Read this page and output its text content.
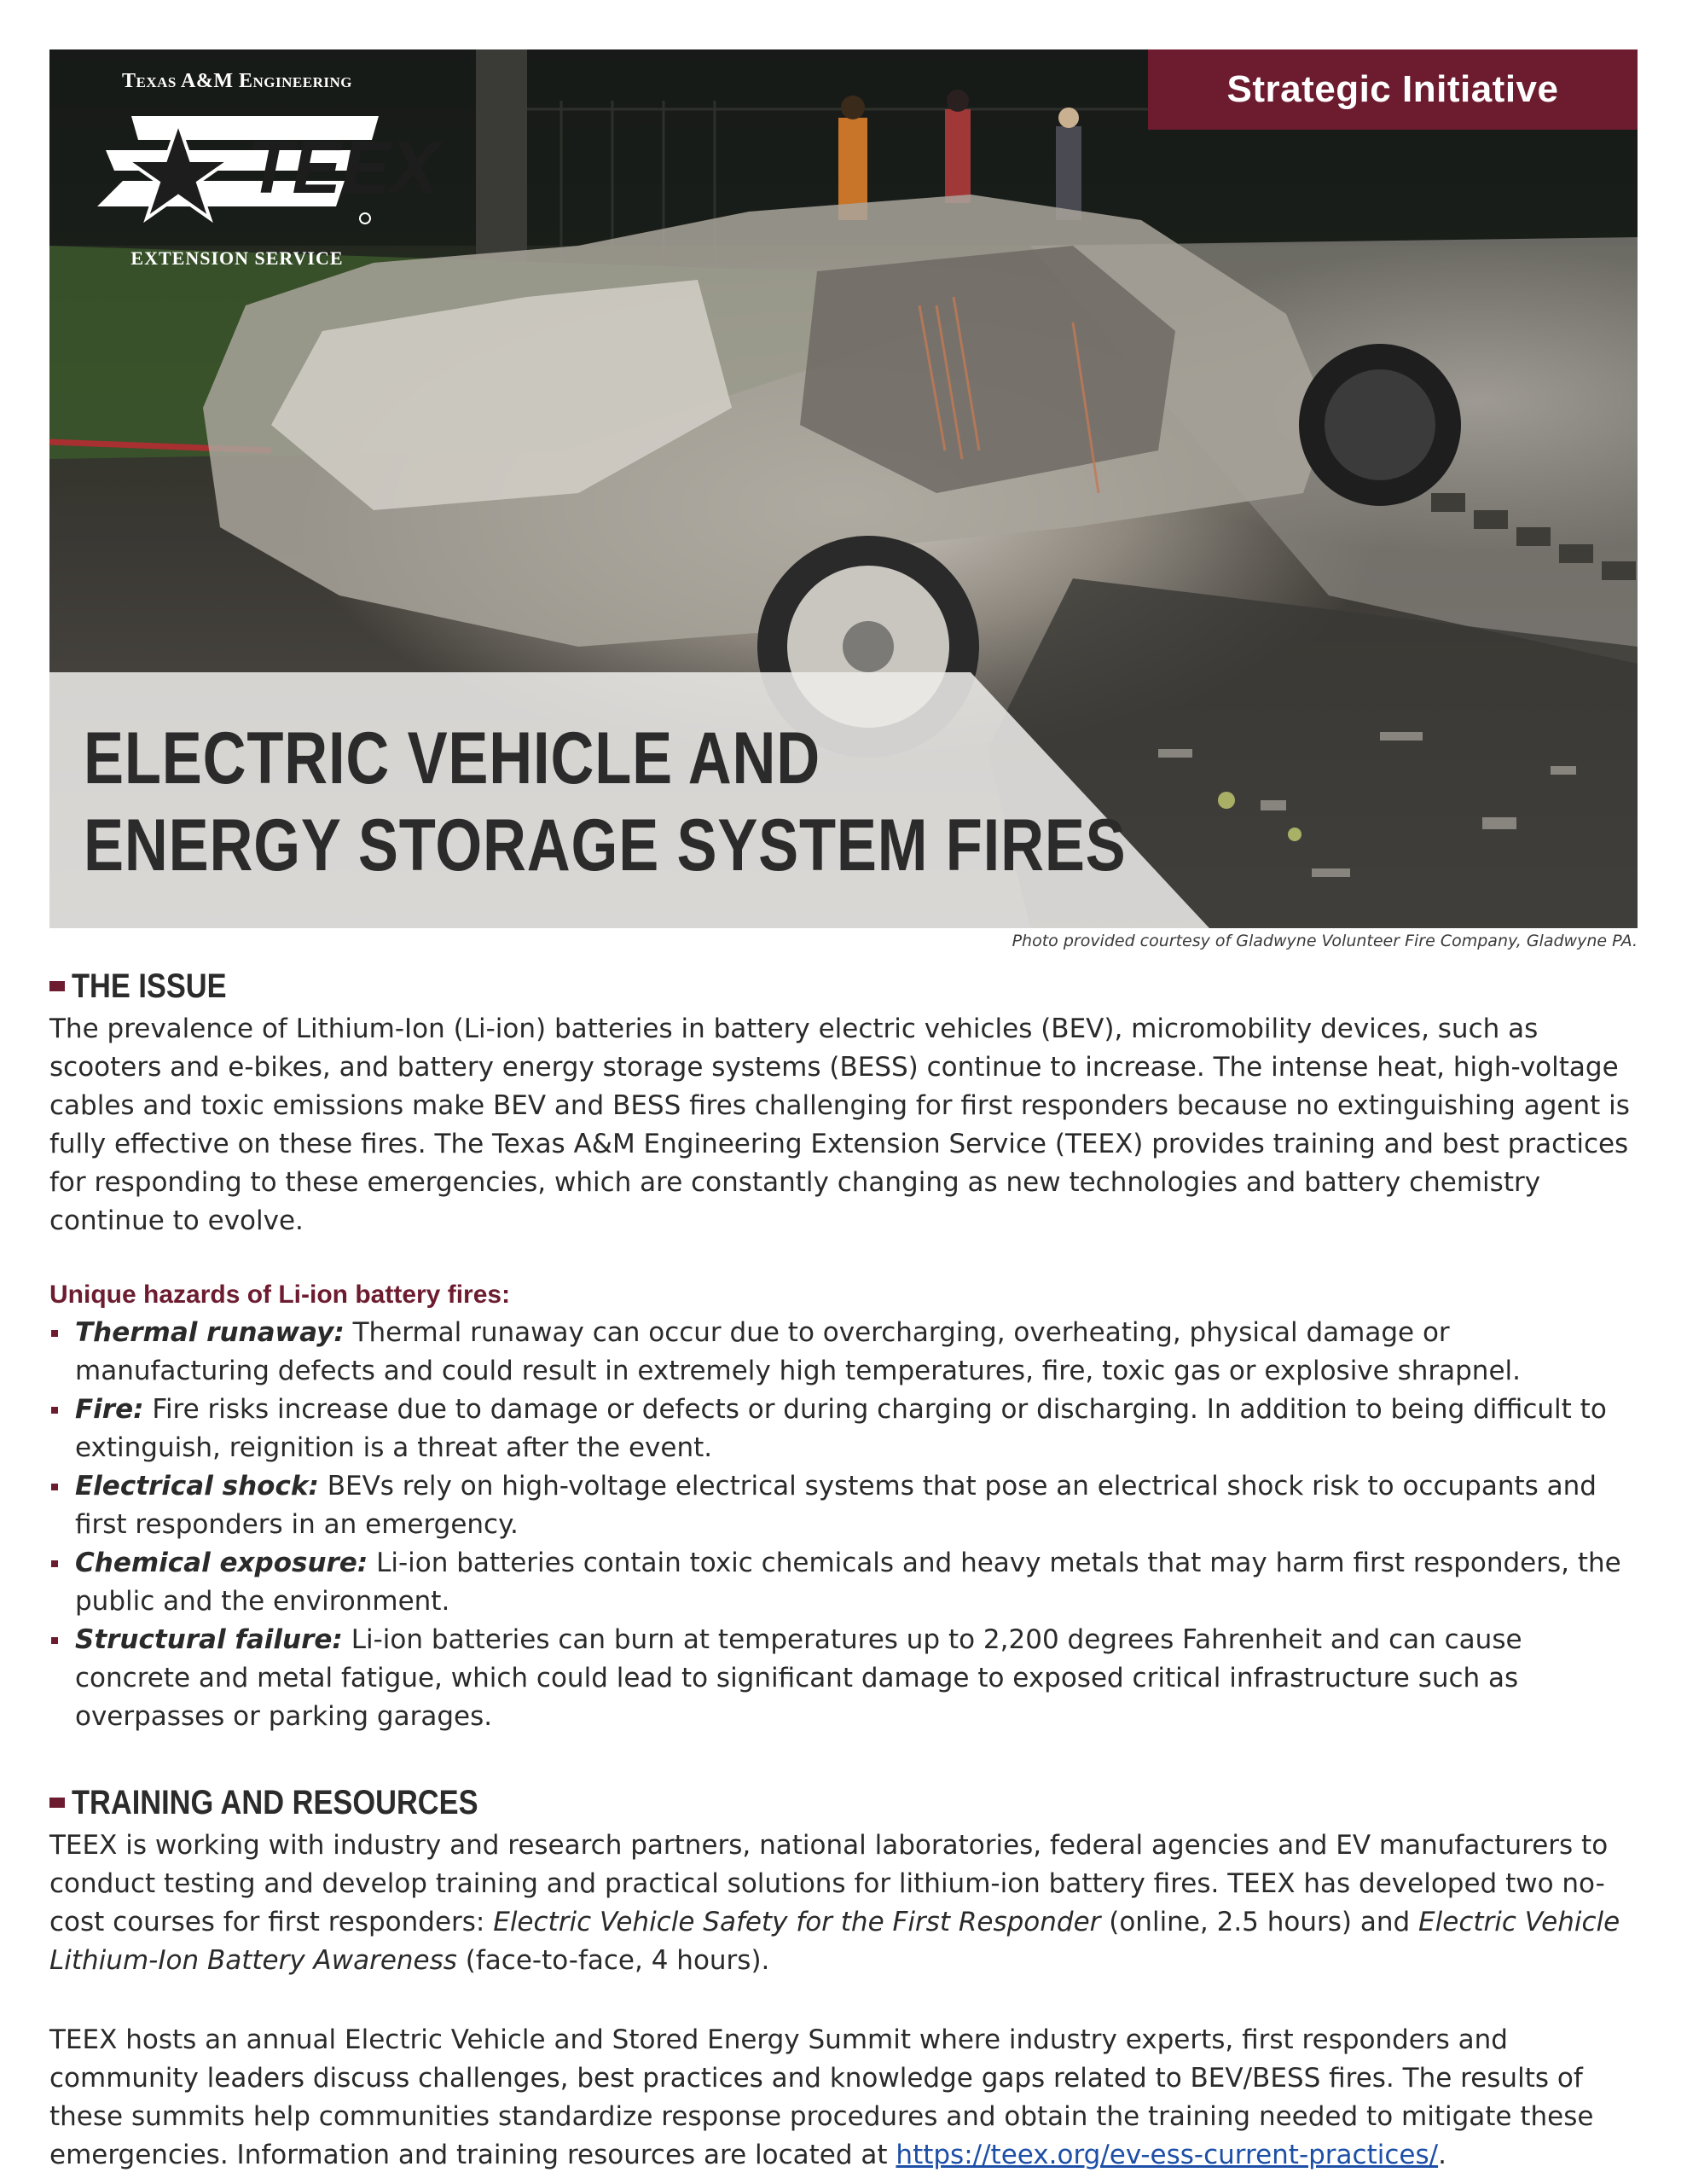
Strategic Initiative
Texas A&M Engineering
TEEX
EXTENSION SERVICE
ELECTRIC VEHICLE AND
ENERGY STORAGE SYSTEM FIRES
Photo provided courtesy of Gladwyne Volunteer Fire Company, Gladwyne PA.
THE ISSUE

The prevalence of Lithium-Ion (Li-ion) batteries in battery electric vehicles (BEV), micromobility devices, such as scooters and e-bikes, and battery energy storage systems (BESS) continue to increase. The intense heat, high-voltage cables and toxic emissions make BEV and BESS fires challenging for first responders because no extinguishing agent is fully effective on these fires. The Texas A&M Engineering Extension Service (TEEX) provides training and best practices for responding to these emergencies, which are constantly changing as new technologies and battery chemistry continue to evolve.

Unique hazards of Li-ion battery fires:
Thermal runaway: Thermal runaway can occur due to overcharging, overheating, physical damage or manufacturing defects and could result in extremely high temperatures, fire, toxic gas or explosive shrapnel.
Fire: Fire risks increase due to damage or defects or during charging or discharging. In addition to being difficult to extinguish, reignition is a threat after the event.
Electrical shock: BEVs rely on high-voltage electrical systems that pose an electrical shock risk to occupants and first responders in an emergency.
Chemical exposure: Li-ion batteries contain toxic chemicals and heavy metals that may harm first responders, the public and the environment.
Structural failure: Li-ion batteries can burn at temperatures up to 2,200 degrees Fahrenheit and can cause concrete and metal fatigue, which could lead to significant damage to exposed critical infrastructure such as overpasses or parking garages.
TRAINING AND RESOURCES

TEEX is working with industry and research partners, national laboratories, federal agencies and EV manufacturers to conduct testing and develop training and practical solutions for lithium-ion battery fires. TEEX has developed two no-cost courses for first responders: Electric Vehicle Safety for the First Responder (online, 2.5 hours) and Electric Vehicle Lithium-Ion Battery Awareness (face-to-face, 4 hours).

TEEX hosts an annual Electric Vehicle and Stored Energy Summit where industry experts, first responders and community leaders discuss challenges, best practices and knowledge gaps related to BEV/BESS fires. The results of these summits help communities standardize response procedures and obtain the training needed to mitigate these emergencies. Information and training resources are located at https://teex.org/ev-ess-current-practices/.
